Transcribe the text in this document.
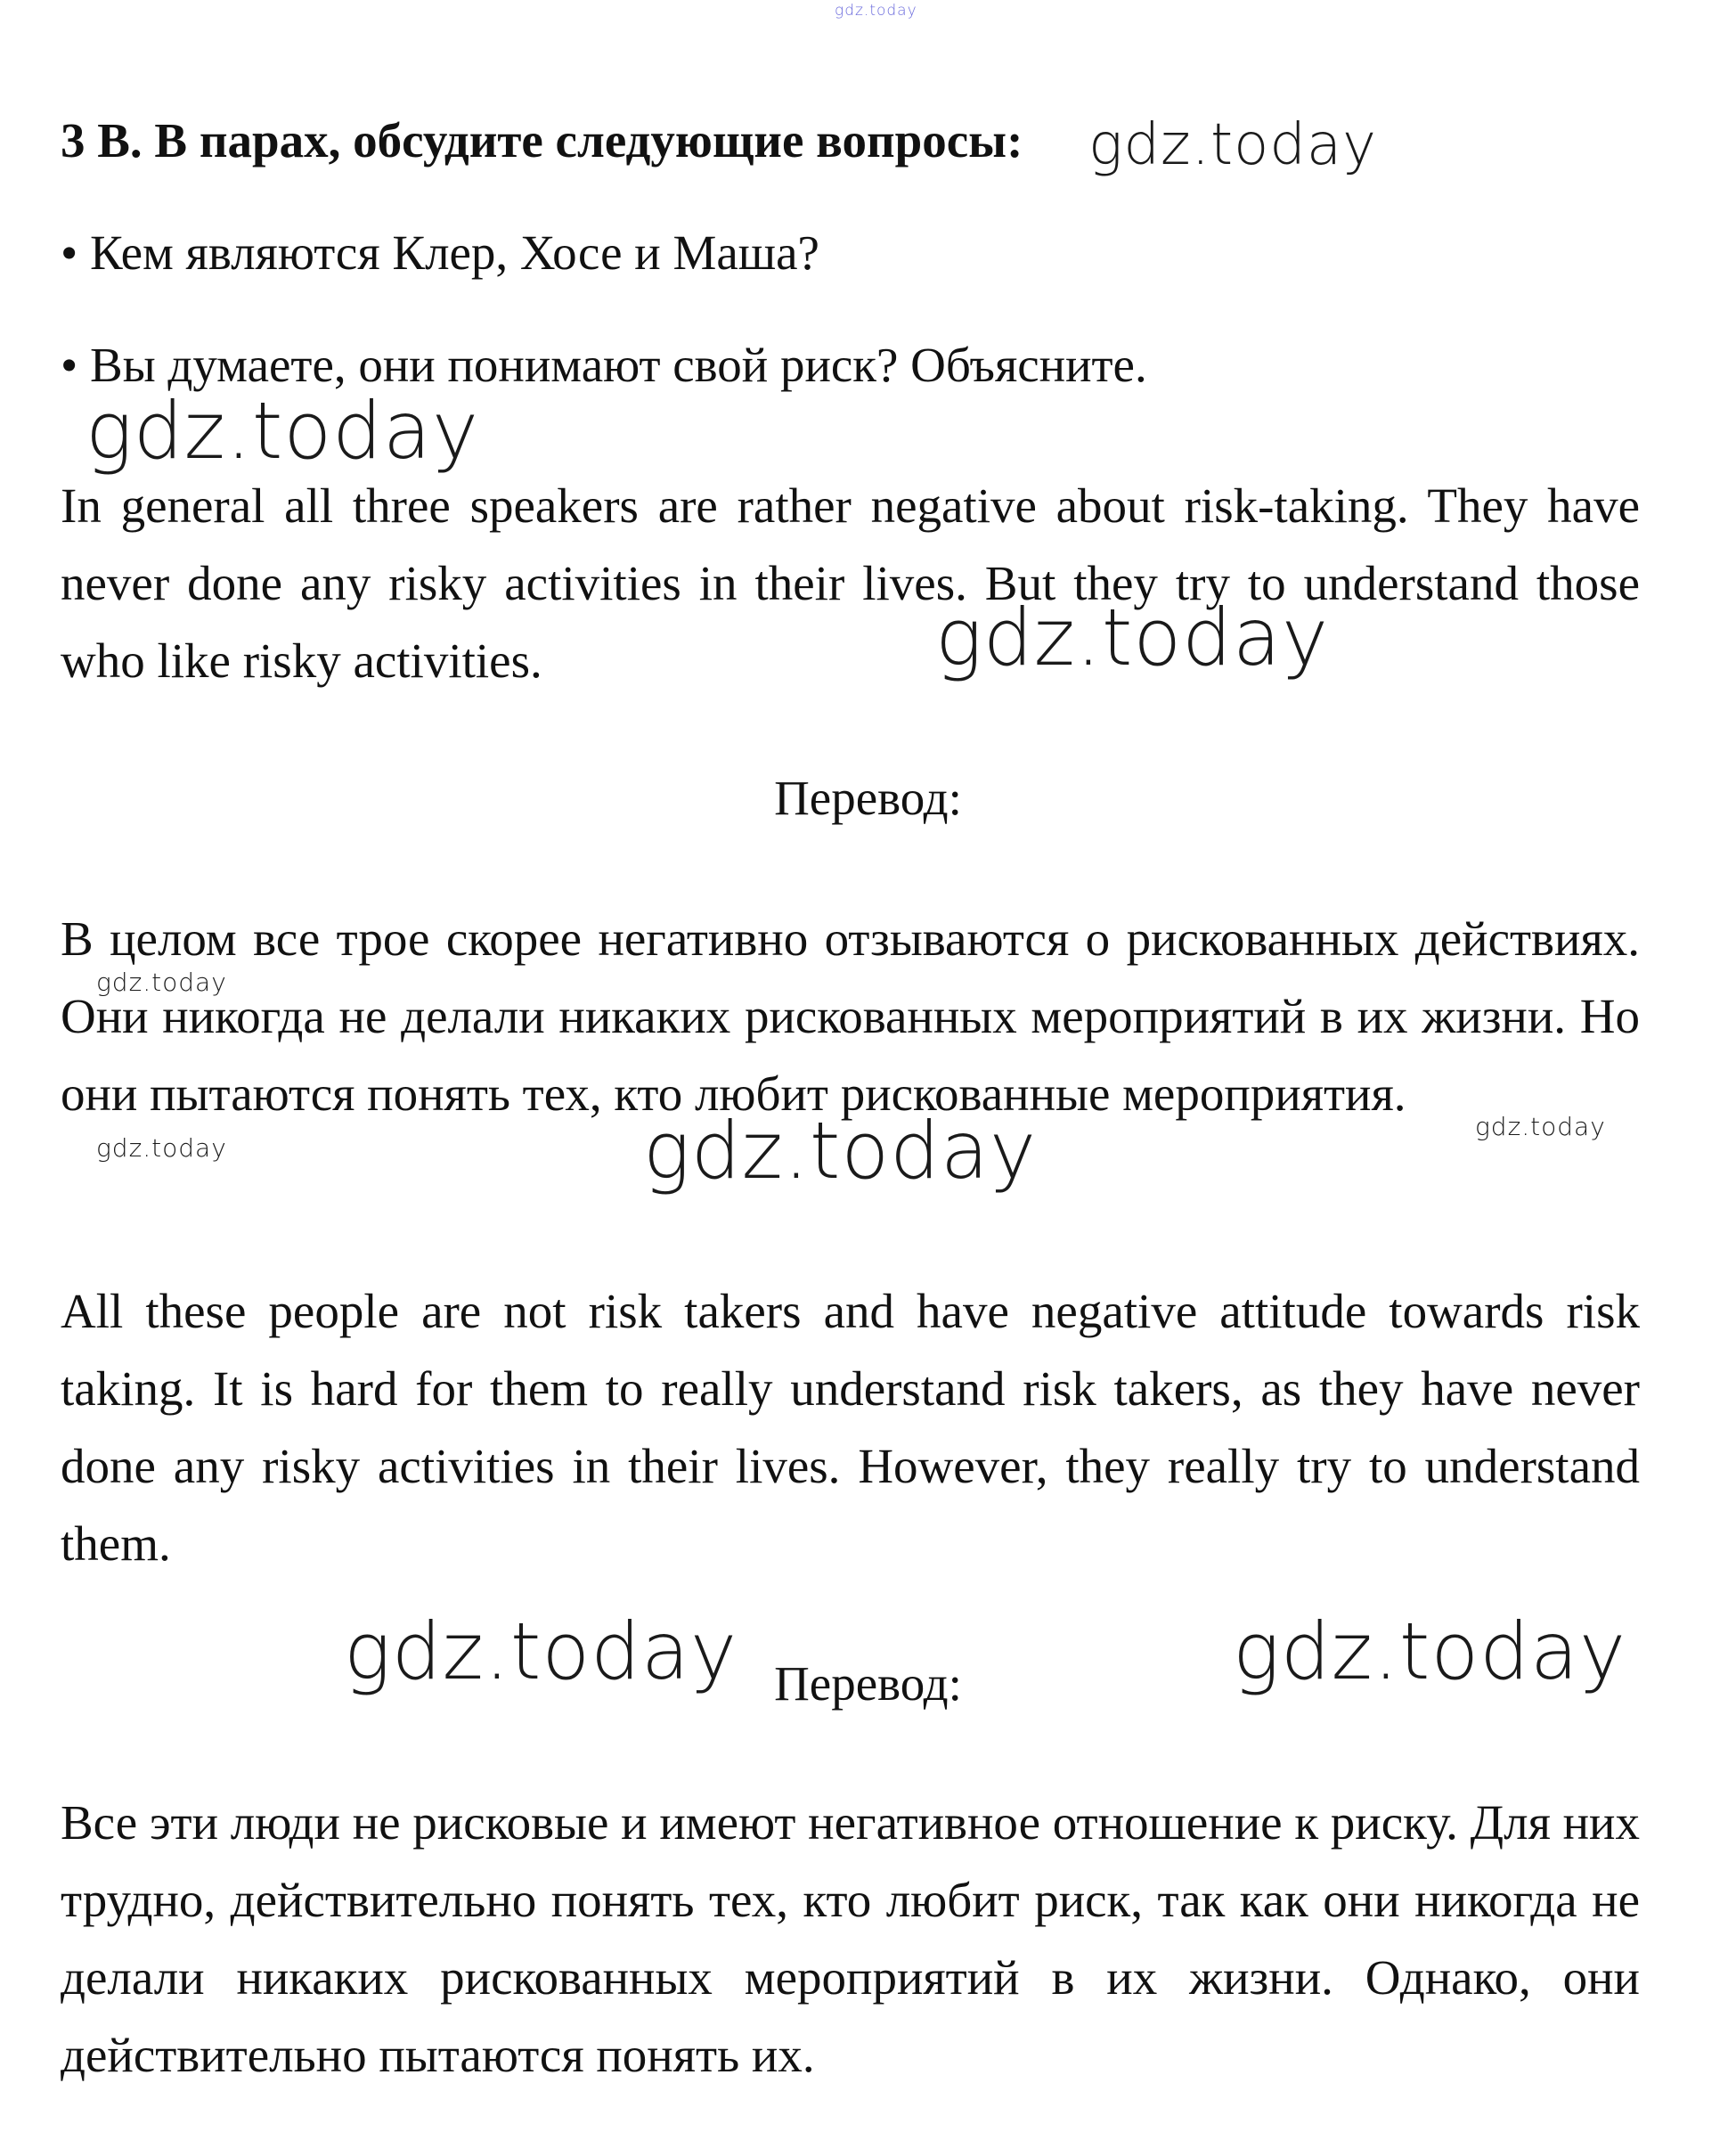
gdz.today
3 B. В парах, обсудите следующие вопросы: gdz.today
• Кем являются Клер, Хосе и Маша?
• Вы думаете, они понимают свой риск? Объясните.
gdz.today
In general all three speakers are rather negative about risk-taking. They have never done any risky activities in their lives. But they try to understand those who like risky activities.	gdz.today
Перевод:
В целом все трое скорее негативно отзываются о рискованных действиях. Они никогда не делали никаких рискованных мероприятий в их жизни. Но они пытаются понять тех, кто любит рискованные мероприятия.
gdz.today
gdz.today
gdz.today
gdz.today
All these people are not risk takers and have negative attitude towards risk taking. It is hard for them to really understand risk takers, as they have never done any risky activities in their lives. However, they really try to understand them.
Перевод:
gdz.today	gdz.today
Все эти люди не рисковые и имеют негативное отношение к риску. Для них трудно, действительно понять тех, кто любит риск, так как они никогда не делали никаких рискованных мероприятий в их жизни. Однако, они действительно пытаются понять их.
